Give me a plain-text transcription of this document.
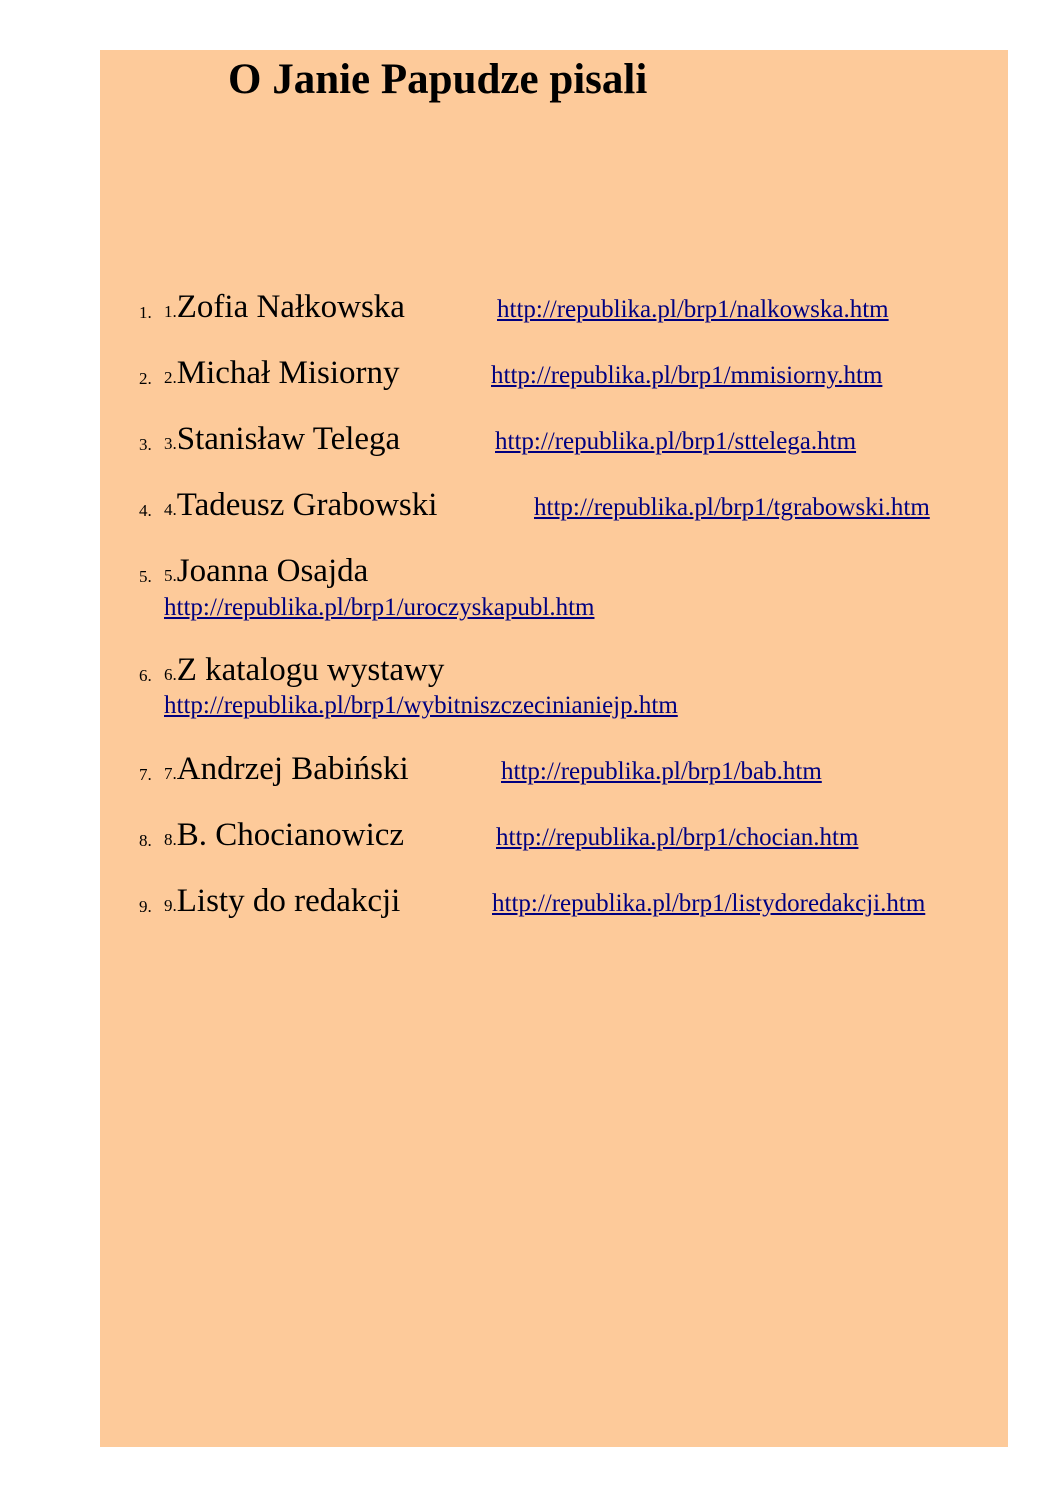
O Janie Papudze pisali
1. 1.Zofia Nałkowska	http://republika.pl/brp1/nalkowska.htm
2. 2.Michał Misiorny	http://republika.pl/brp1/mmisiorny.htm
3. 3.Stanisław Telega	http://republika.pl/brp1/sttelega.htm
4. 4.Tadeusz Grabowski	http://republika.pl/brp1/tgrabowski.htm
5. 5.Joanna Osajda
http://republika.pl/brp1/uroczyskapubl.htm
6. 6.Z katalogu wystawy
http://republika.pl/brp1/wybitniszczecinianiejp.htm
7. 7.Andrzej Babiński	http://republika.pl/brp1/bab.htm
8. 8.B. Chocianowicz	http://republika.pl/brp1/chocian.htm
9. 9.Listy do redakcji	http://republika.pl/brp1/listydoredakcji.htm
